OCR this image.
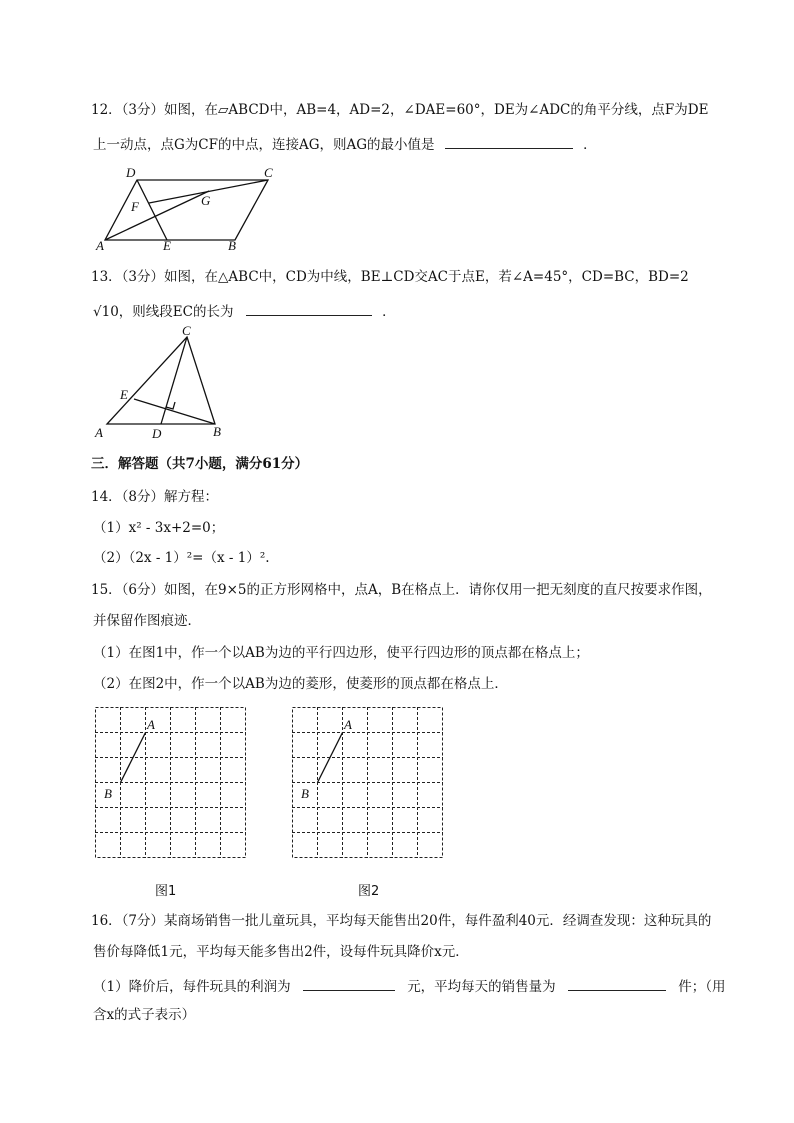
12．（3分）如图，在▱ABCD中，AB=4，AD=2，∠DAE=60°，DE为∠ADC的角平分线，点F为DE
上一动点，点G为CF的中点，连接AG，则AG的最小值是	．
D	C
F	G
A	E	B
13．（3分）如图，在△ABC中，CD为中线，BE⊥CD交AC于点E，若∠A=45°，CD=BC，BD=2
√10，则线段EC的长为	．
C
E
A	D	B
三．解答题（共7小题，满分61分）
14．（8分）解方程：
（1）x² - 3x+2=0；
（2）（2x - 1）²=（x - 1）².
15．（6分）如图，在9×5的正方形网格中，点A，B在格点上．请你仅用一把无刻度的直尺按要求作图，
并保留作图痕迹．
（1）在图1中，作一个以AB为边的平行四边形，使平行四边形的顶点都在格点上；
（2）在图2中，作一个以AB为边的菱形，使菱形的顶点都在格点上．
A
B
图1
A
B
图2
16．（7分）某商场销售一批儿童玩具，平均每天能售出20件，每件盈利40元．经调查发现：这种玩具的
售价每降低1元，平均每天能多售出2件，设每件玩具降价x元．
（1）降价后，每件玩具的利润为	元，平均每天的销售量为	件；（用
含x的式子表示）
